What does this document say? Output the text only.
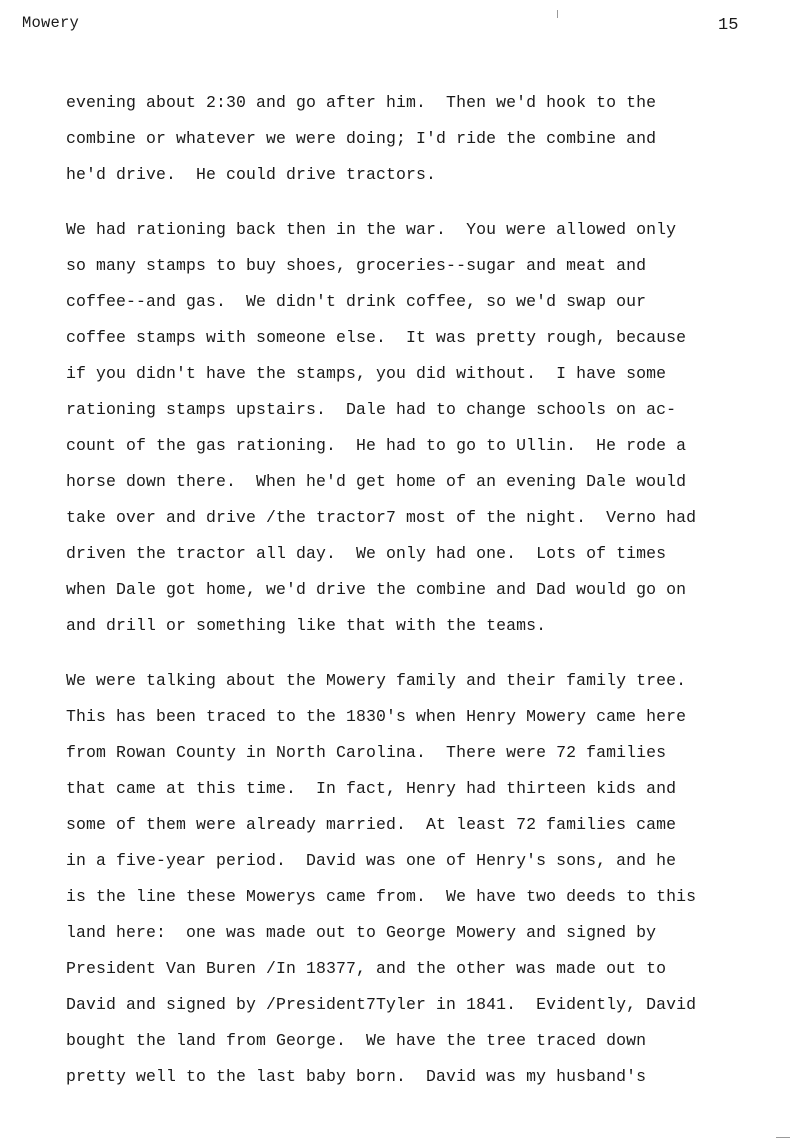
Mowery	15
evening about 2:30 and go after him.  Then we'd hook to the
combine or whatever we were doing; I'd ride the combine and
he'd drive.  He could drive tractors.
We had rationing back then in the war.  You were allowed only
so many stamps to buy shoes, groceries--sugar and meat and
coffee--and gas.  We didn't drink coffee, so we'd swap our
coffee stamps with someone else.  It was pretty rough, because
if you didn't have the stamps, you did without.  I have some
rationing stamps upstairs.  Dale had to change schools on ac-
count of the gas rationing.  He had to go to Ullin.  He rode a
horse down there.  When he'd get home of an evening Dale would
take over and drive /the tractor7 most of the night.  Verno had
driven the tractor all day.  We only had one.  Lots of times
when Dale got home, we'd drive the combine and Dad would go on
and drill or something like that with the teams.
We were talking about the Mowery family and their family tree.
This has been traced to the 1830's when Henry Mowery came here
from Rowan County in North Carolina.  There were 72 families
that came at this time.  In fact, Henry had thirteen kids and
some of them were already married.  At least 72 families came
in a five-year period.  David was one of Henry's sons, and he
is the line these Mowerys came from.  We have two deeds to this
land here:  one was made out to George Mowery and signed by
President Van Buren /In 18377, and the other was made out to
David and signed by /President7Tyler in 1841.  Evidently, David
bought the land from George.  We have the tree traced down
pretty well to the last baby born.  David was my husband's
